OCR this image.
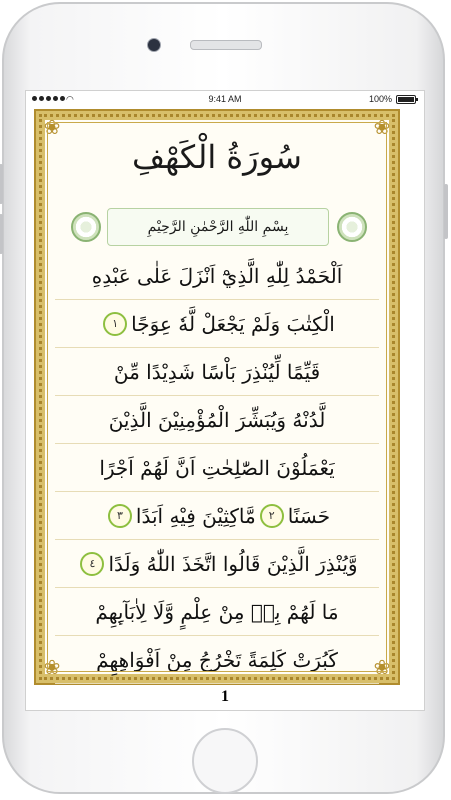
◠	9:41 AM	100%
❀	❀
❀	❀
سُورَةُ الْكَهْفِ
بِسْمِ اللّٰهِ الرَّحْمٰنِ الرَّحِيْمِ
اَلْحَمْدُ لِلّٰهِ الَّذِيْٓ اَنْزَلَ عَلٰى عَبْدِهِ
الْكِتٰبَ وَلَمْ يَجْعَلْ لَّهٗ عِوَجًا
١
قَيِّمًا لِّيُنْذِرَ بَاْسًا شَدِيْدًا مِّنْ
لَّدُنْهُ وَيُبَشِّرَ الْمُؤْمِنِيْنَ الَّذِيْنَ
يَعْمَلُوْنَ الصّٰلِحٰتِ اَنَّ لَهُمْ اَجْرًا
حَسَنًا
٢
مَّاكِثِيْنَ فِيْهِ اَبَدًا
٣
وَّيُنْذِرَ الَّذِيْنَ قَالُوا اتَّخَذَ اللّٰهُ وَلَدًا
٤
مَا لَهُمْ بِهٖ مِنْ عِلْمٍ وَّلَا لِاٰبَآىِٕهِمْ
كَبُرَتْ كَلِمَةً تَخْرُجُ مِنْ اَفْوَاهِهِمْ
1
